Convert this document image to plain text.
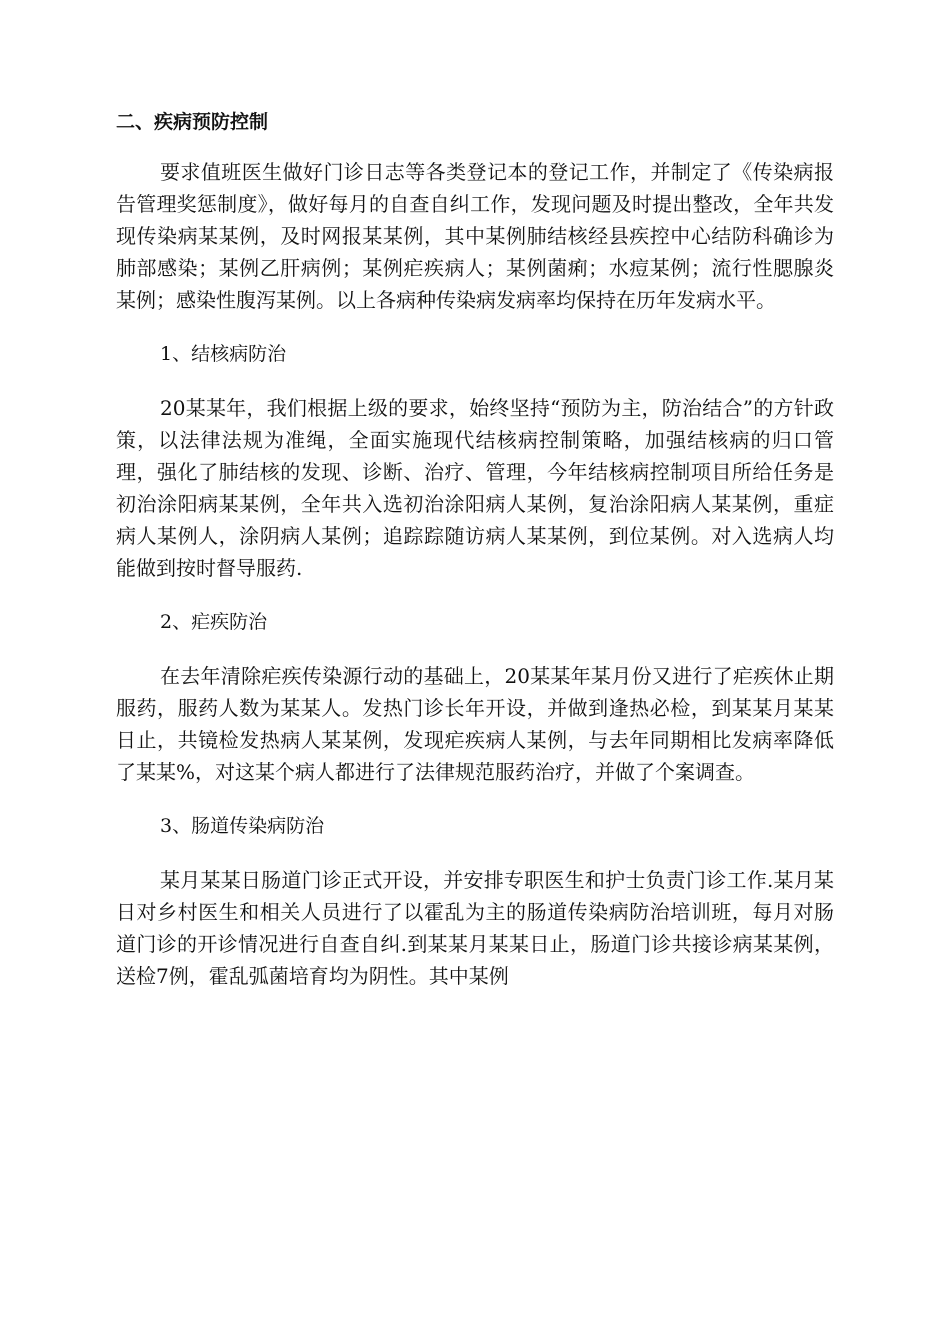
二、疾病预防控制

要求值班医生做好门诊日志等各类登记本的登记工作，并制定了《传染病报告管理奖惩制度》，做好每月的自查自纠工作，发现问题及时提出整改，全年共发现传染病某某例，及时网报某某例，其中某例肺结核经县疾控中心结防科确诊为肺部感染；某例乙肝病例；某例疟疾病人；某例菌痢；水痘某例；流行性腮腺炎某例；感染性腹泻某例。以上各病种传染病发病率均保持在历年发病水平。

1、结核病防治

20某某年，我们根据上级的要求，始终坚持“预防为主，防治结合”的方针政策，以法律法规为准绳，全面实施现代结核病控制策略，加强结核病的归口管理，强化了肺结核的发现、诊断、治疗、管理，今年结核病控制项目所给任务是初治涂阳病某某例，全年共入选初治涂阳病人某例，复治涂阳病人某某例，重症病人某例人，涂阴病人某例；追踪踪随访病人某某例，到位某例。对入选病人均能做到按时督导服药.

2、疟疾防治

在去年清除疟疾传染源行动的基础上，20某某年某月份又进行了疟疾休止期服药，服药人数为某某人。发热门诊长年开设，并做到逢热必检，到某某月某某日止，共镜检发热病人某某例，发现疟疾病人某例，与去年同期相比发病率降低了某某%，对这某个病人都进行了法律规范服药治疗，并做了个案调查。

3、肠道传染病防治

某月某某日肠道门诊正式开设，并安排专职医生和护士负责门诊工作.某月某日对乡村医生和相关人员进行了以霍乱为主的肠道传染病防治培训班，每月对肠道门诊的开诊情况进行自查自纠.到某某月某某日止，肠道门诊共接诊病某某例，送检7例，霍乱弧菌培育均为阴性。其中某例
